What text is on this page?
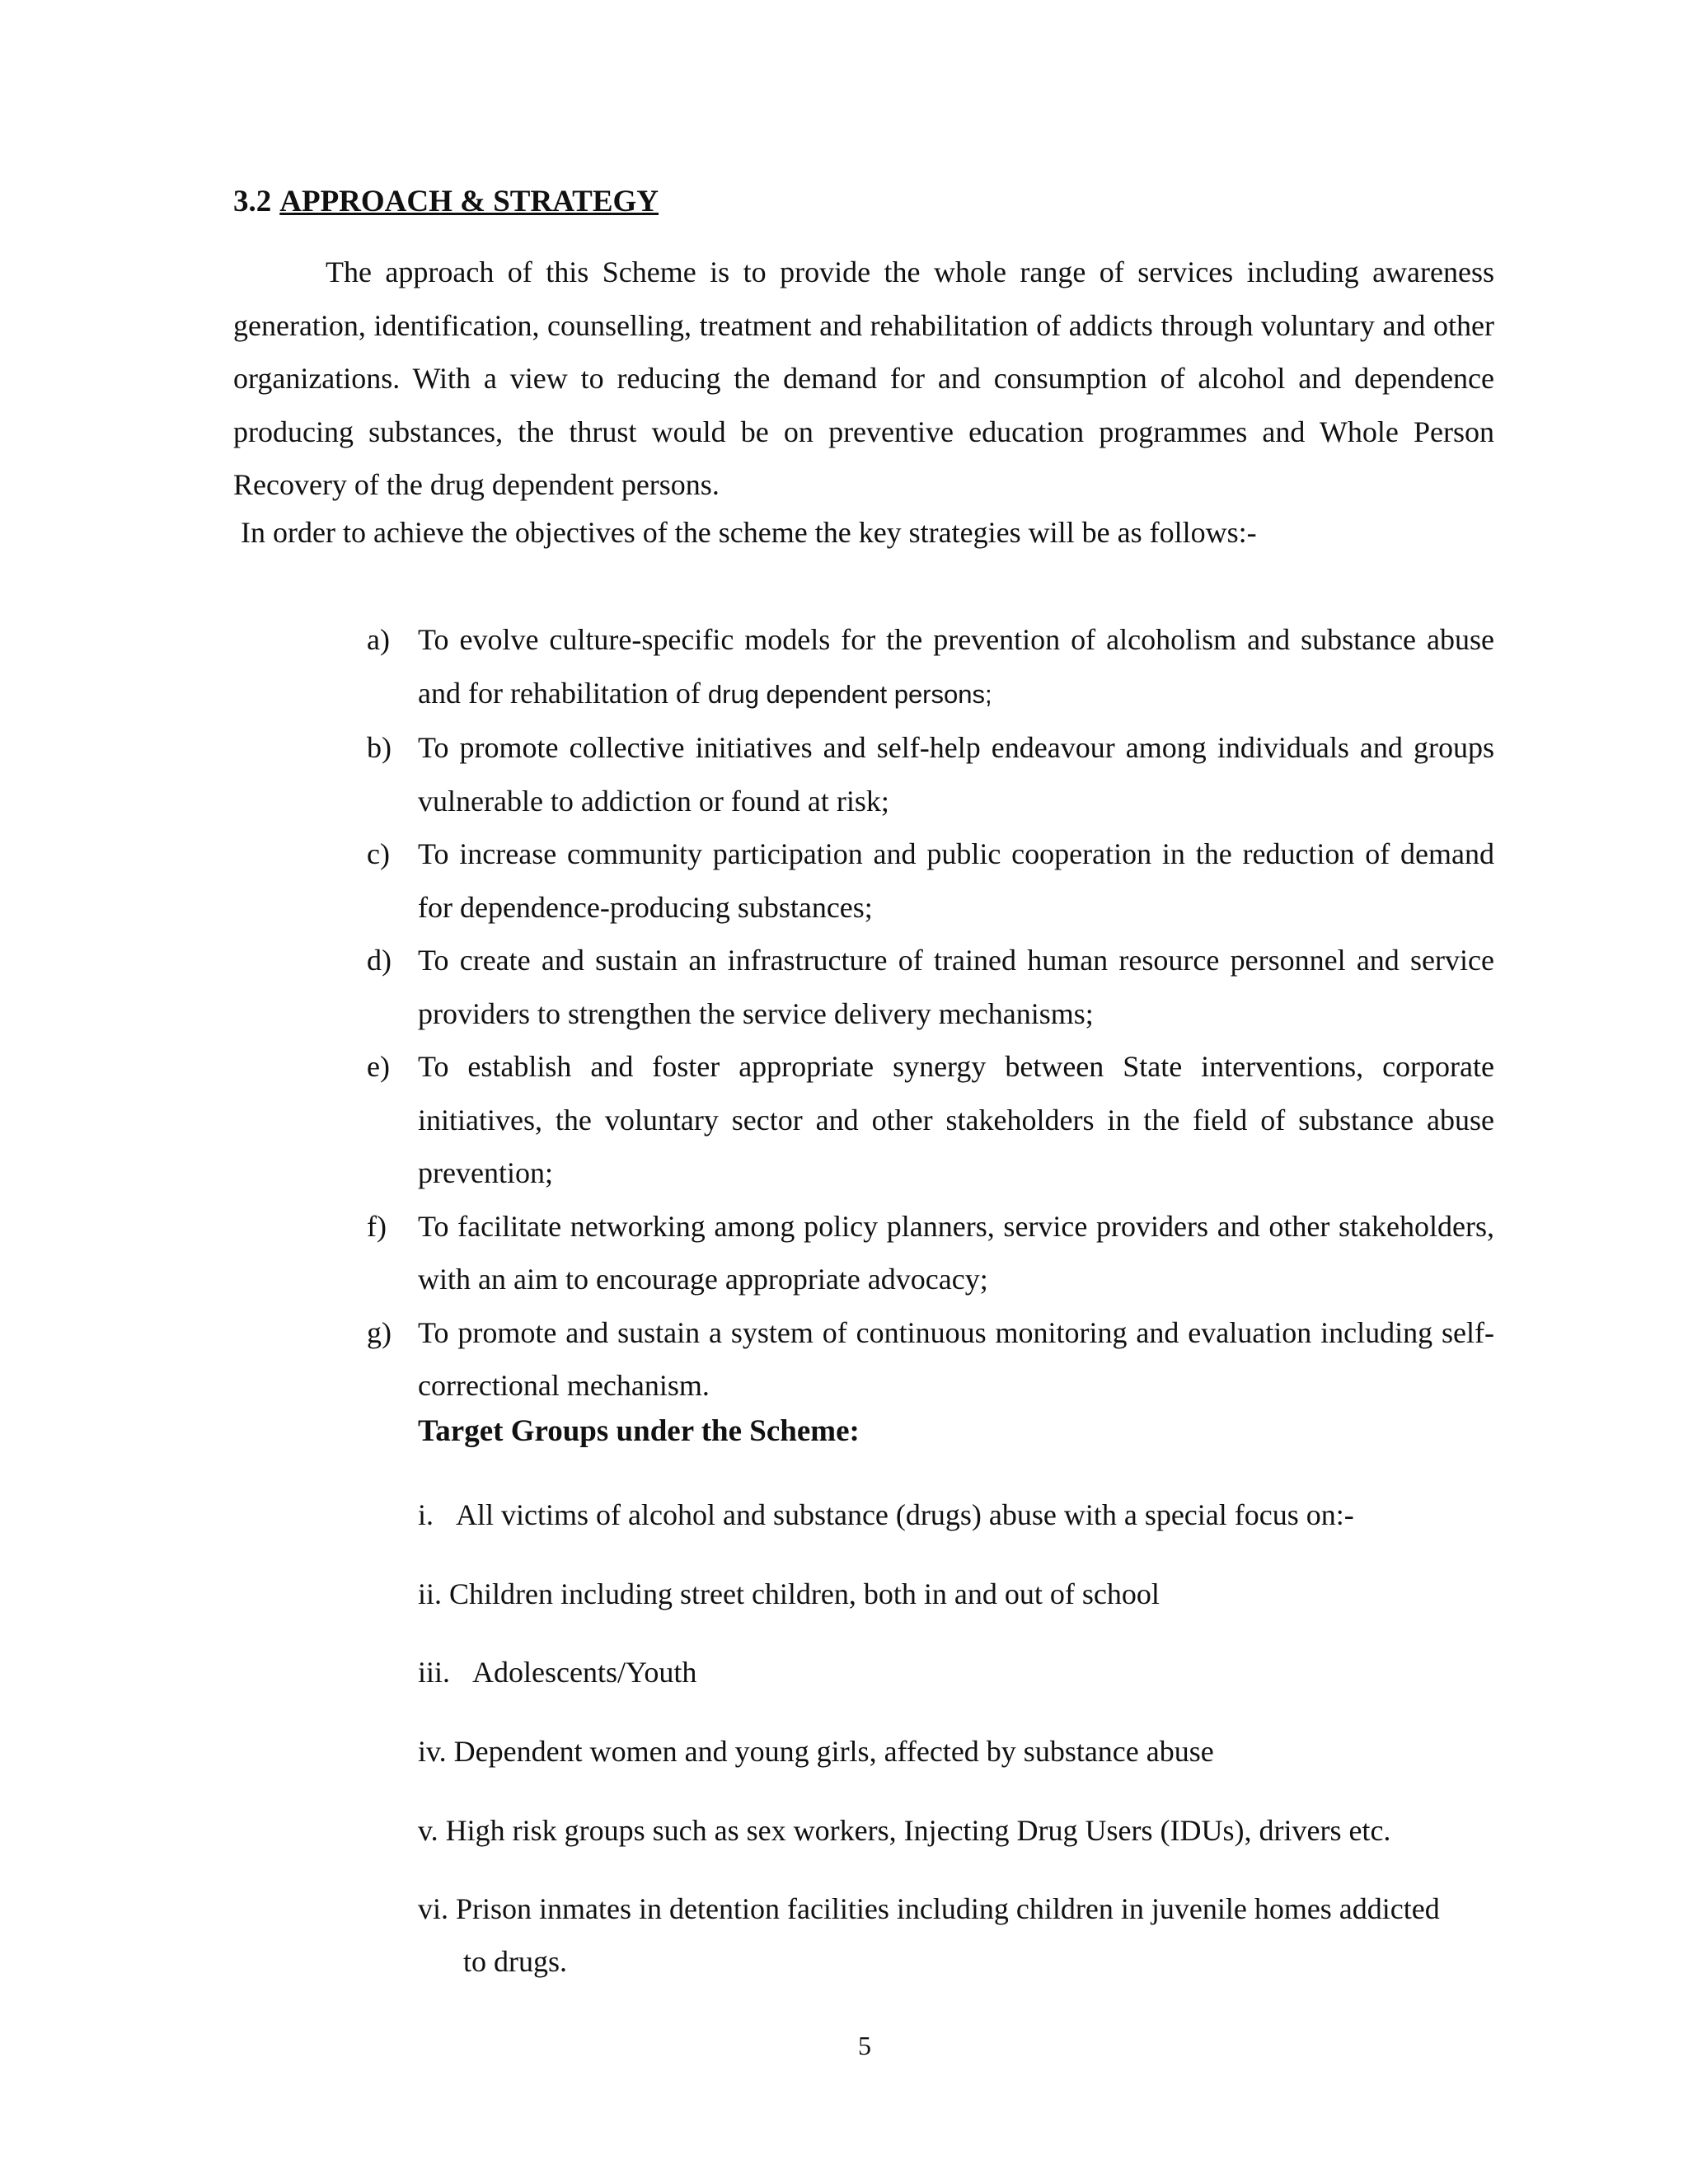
3.2 APPROACH & STRATEGY

The approach of this Scheme is to provide the whole range of services including awareness generation, identification, counselling, treatment and rehabilitation of addicts through voluntary and other organizations. With a view to reducing the demand for and consumption of alcohol and dependence producing substances, the thrust would be on preventive education programmes and Whole Person Recovery of the drug dependent persons.

In order to achieve the objectives of the scheme the key strategies will be as follows:-
a) To evolve culture-specific models for the prevention of alcoholism and substance abuse and for rehabilitation of drug dependent persons;
b) To promote collective initiatives and self-help endeavour among individuals and groups vulnerable to addiction or found at risk;
c) To increase community participation and public cooperation in the reduction of demand for dependence-producing substances;
d) To create and sustain an infrastructure of trained human resource personnel and service providers to strengthen the service delivery mechanisms;
e) To establish and foster appropriate synergy between State interventions, corporate initiatives, the voluntary sector and other stakeholders in the field of substance abuse prevention;
f) To facilitate networking among policy planners, service providers and other stakeholders, with an aim to encourage appropriate advocacy;
g) To promote and sustain a system of continuous monitoring and evaluation including self-correctional mechanism.
Target Groups under the Scheme:
i. All victims of alcohol and substance (drugs) abuse with a special focus on:-
ii. Children including street children, both in and out of school
iii. Adolescents/Youth
iv. Dependent women and young girls, affected by substance abuse
v. High risk groups such as sex workers, Injecting Drug Users (IDUs), drivers etc.
vi. Prison inmates in detention facilities including children in juvenile homes addicted
to drugs.
5
